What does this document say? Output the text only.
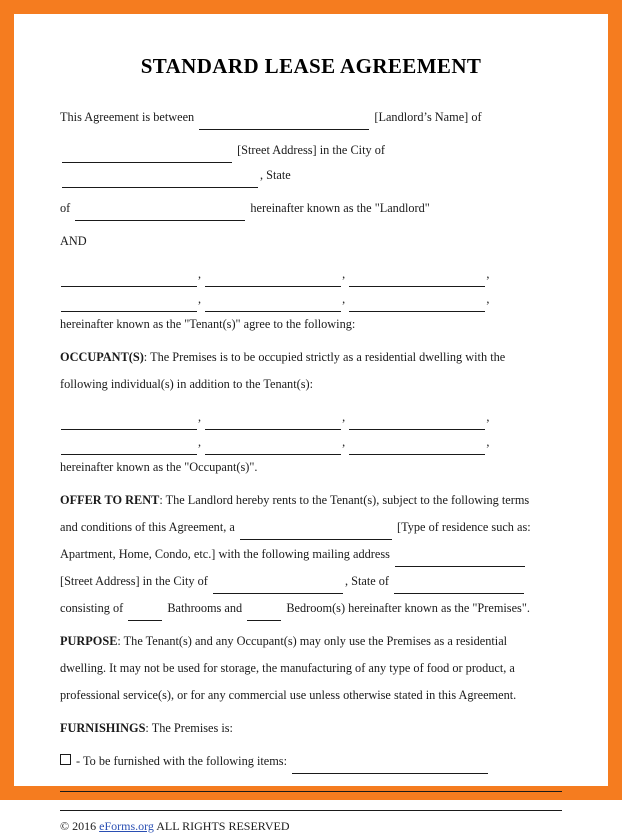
STANDARD LEASE AGREEMENT

This Agreement is between	[Landlord’s Name] of

[Street Address] in the City of , State

of	hereinafter known as the "Landlord"

AND

,	,	,

,	,	,

hereinafter known as the "Tenant(s)" agree to the following:

OCCUPANT(S): The Premises is to be occupied strictly as a residential dwelling with the

following individual(s) in addition to the Tenant(s):

,	,	,

,	,	,

hereinafter known as the "Occupant(s)".

OFFER TO RENT: The Landlord hereby rents to the Tenant(s), subject to the following terms

and conditions of this Agreement, a	[Type of residence such as:

Apartment, Home, Condo, etc.] with the following mailing address

[Street Address] in the City of	, State of

consisting of	Bathrooms and	Bedroom(s) hereinafter known as the "Premises".

PURPOSE: The Tenant(s) and any Occupant(s) may only use the Premises as a residential

dwelling. It may not be used for storage, the manufacturing of any type of food or product, a

professional service(s), or for any commercial use unless otherwise stated in this Agreement.

FURNISHINGS: The Premises is:

- To be furnished with the following items:

© 2016 eForms.org ALL RIGHTS RESERVED
